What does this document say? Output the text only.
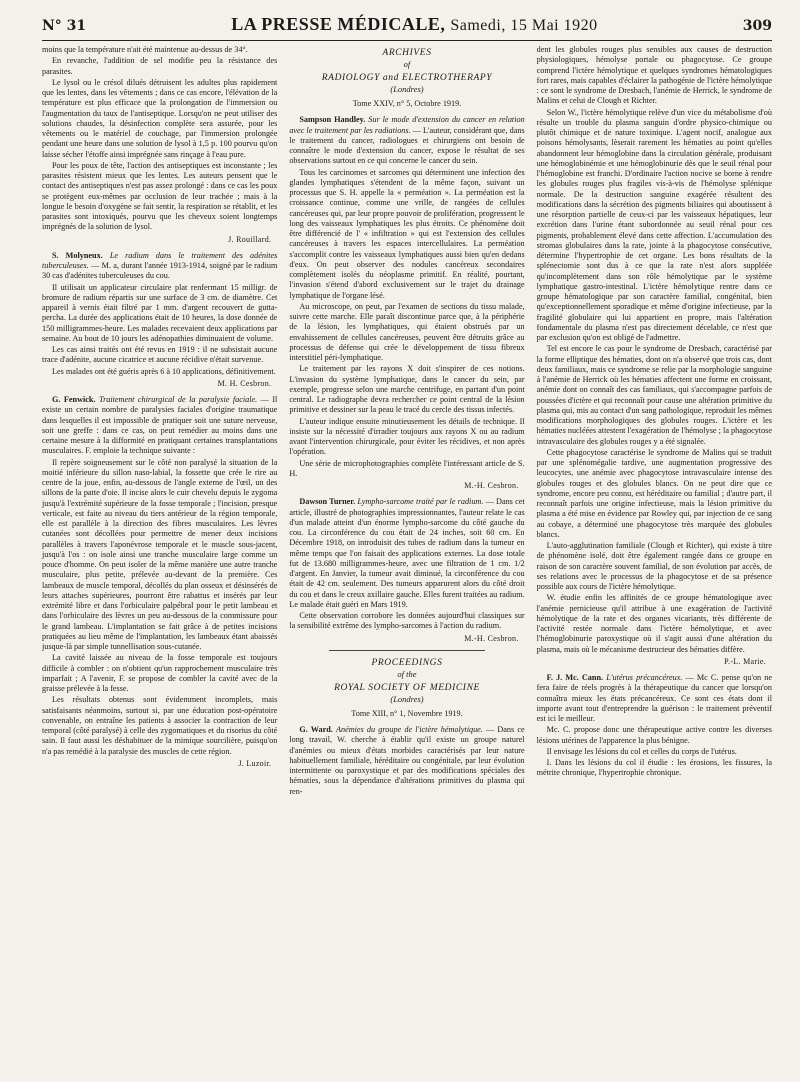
N° 31	LA PRESSE MÉDICALE, Samedi, 15 Mai 1920	309

moins que la température n'ait été maintenue au-dessus de 34°.

En revanche, l'addition de sel modifie peu la résistance des parasites.

Le lysol ou le crésol dilués détruisent les adultes plus rapidement que les lentes, dans les vêtements ; dans ce cas encore, l'élévation de la température est plus efficace que la prolongation de l'immersion ou l'augmentation du taux de l'antiseptique. Lorsqu'on ne peut utiliser des solutions chaudes, la désinfection complète sera assurée, pour les vêtements ou le matériel de couchage, par l'immersion prolongée pendant une heure dans une solution de lysol à 1,5 p. 100 pourvu qu'on laisse sécher l'étoffe ainsi imprégnée sans rinçage à l'eau pure.

Pour les poux de tête, l'action des antiseptiques est inconstante ; les parasites résistent mieux que les lentes. Les auteurs pensent que le contact des antiseptiques n'est pas assez prolongé : dans ce cas les poux se protègent eux-mêmes par occlusion de leur trachée ; mais à la longue le besoin d'oxygène se fait sentir, la respiration se rétablit, et les parasites sont intoxiqués, pourvu que les cheveux soient longtemps imprégnés de la solution de lysol.

J. Rouillard.

S. Molyneux. Le radium dans le traitement des adénites tuberculeuses. — M. a, durant l'année 1913-1914, soigné par le radium 30 cas d'adénites tuberculeuses du cou.

Il utilisait un applicateur circulaire plat renfermant 15 milligr. de bromure de radium répartis sur une surface de 3 cm. de diamètre. Cet appareil à vernis était filtré par 1 mm. d'argent recouvert de gutta-percha. La durée des applications était de 10 heures, la dose donnée de 150 milligrammes-heure. Les malades recevaient deux applications par semaine. Au bout de 10 jours les adénopathies diminuaient de volume.

Les cas ainsi traités ont été revus en 1919 : il ne subsistait aucune trace d'adénite, aucune cicatrice et aucune récidive n'était survenue.

Les malades ont été guéris après 6 à 10 applications, définitivement.

M. H. Cesbron.

G. Fenwick. Traitement chirurgical de la paralysie faciale. — Il existe un certain nombre de paralysies faciales d'origine traumatique dans lesquelles il est impossible de pratiquer soit une suture nerveuse, soit une greffe : dans ce cas, on peut remédier au moins dans une certaine mesure à la difformité en pratiquant certaines transplantations musculaires. F. emploie la technique suivante :

Il repère soigneusement sur le côté non paralysé la situation de la moitié inférieure du sillon naso-labial, la fossette que crée le rire au centre de la joue, enfin, au-dessous de l'angle externe de l'œil, un des sillons de la patte d'oie. Il incise alors le cuir chevelu depuis le zygoma jusqu'à l'extrémité supérieure de la fosse temporale ; l'incision, presque verticale, est faite au niveau du tiers antérieur de la région temporale, elle est parallèle à la direction des fibres musculaires. Les lèvres cutanées sont décollées pour permettre de mener deux incisions parallèles à travers l'aponévrose temporale et le muscle sous-jacent, jusqu'à l'os : on isole ainsi une tranche musculaire large comme un pouce d'homme. On peut isoler de la même manière une autre tranche musculaire, plus petite, prélevée au-devant de la première. Ces lambeaux de muscle temporal, décollés du plan osseux et désinsérés de leurs attaches supérieures, pourront être rabattus et insérés par leur extrémité libre et dans l'orbiculaire palpébral pour le petit lambeau et dans l'orbiculaire des lèvres un peu au-dessous de la commissure pour le grand lambeau. L'implantation se fait grâce à de petites incisions pratiquées au lieu même de l'implantation, les lambeaux étant abaissés jusque-là par simple tunnellisation sous-cutanée.

La cavité laissée au niveau de la fosse temporale est toujours difficile à combler : on n'obtient qu'un rapprochement musculaire très imparfait ; A l'avenir, F. se propose de combler la cavité avec de la graisse prélevée à la fesse.

Les résultats obtenus sont évidemment incomplets, mais satisfaisants néanmoins, surtout si, par une éducation post-opératoire convenable, on entraîne les patients à associer la contraction de leur temporal (côté paralysé) à celle des zygomatiques et du risorius du côté sain. Il faut aussi les déshabituer de la mimique sourcilière, puisqu'on n'a pas remédié à la paralysie des muscles de cette région.

J. Luzoir.
ARCHIVES
of
RADIOLOGY and ELECTROTHERAPY
(Londres)
Tome XXIV, n° 5, Octobre 1919.

Sampson Handley. Sur le mode d'extension du cancer en relation avec le traitement par les radiations. — L'auteur, considérant que, dans le traitement du cancer, radiologues et chirurgiens ont besoin de connaître le mode d'extension du cancer, expose le résultat de ses observations surtout en ce qui concerne le cancer du sein.

Tous les carcinomes et sarcomes qui déterminent une infection des glandes lymphatiques s'étendent de la même façon, suivant un processus que S. H. appelle la « perméation ». La perméation est la croissance continue, comme une vrille, de rangées de cellules cancéreuses qui, par leur propre pouvoir de prolifération, progressent le long des vaisseaux lymphatiques les plus étroits. Ce phénomène doit être différencié de l' « infiltration » qui est l'extension des cellules cancéreuses à travers les espaces intercellulaires. La perméation s'accomplit contre les vaisseaux lymphatiques aussi bien qu'en dedans d'eux. On peut observer des nodules cancéreux secondaires complètement isolés du néoplasme primitif. En réalité, pourtant, l'invasion s'étend d'abord exclusivement sur le trajet du drainage lymphatique de l'organe lésé.

Au microscope, on peut, par l'examen de sections du tissu malade, suivre cette marche. Elle paraît discontinue parce que, à la périphérie de la lésion, les lymphatiques, qui étaient obstrués par un envahissement de cellules cancéreuses, peuvent être détruits grâce au processus de défense qui crée le développement de tissu fibreux interstitiel péri-lymphatique.

Le traitement par les rayons X doit s'inspirer de ces notions. L'invasion du système lymphatique, dans le cancer du sein, par exemple, progresse selon une marche centrifuge, en partant d'un point central. Le radiographe devra rechercher ce point central de la lésion primitive et dessiner sur la peau le tracé du cercle des tissus infectés.

L'auteur indique ensuite minutieusement les détails de technique. Il insiste sur la nécessité d'irradier toujours aux rayons X ou au radium avant l'intervention chirurgicale, pour éviter les récidives, et non après l'opération.

Une série de microphotographies complète l'intéressant article de S. H.

M.-H. Cesbron.

Dawson Turner. Lympho-sarcome traité par le radium. — Dans cet article, illustré de photographies impressionnantes, l'auteur relate le cas d'un malade atteint d'un énorme lympho-sarcome du côté gauche du cou. La circonférence du cou était de 24 inches, soit 60 cm. En Décembre 1918, on introduisit des tubes de radium dans la tumeur en même temps que l'on faisait des applications externes. La dose totale fut de 13.680 milligrammes-heure, avec une filtration de 1 cm. 1/2 d'argent. En Janvier, la tumeur avait diminué, la circonférence du cou était de 42 cm. seulement. Des tumeurs apparurent alors du côté droit du cou et dans le creux axillaire gauche. Elles furent traitées au radium. Le malade était guéri en Mars 1919.

Cette observation corrobore les données aujourd'hui classiques sur la sensibilité extrême des lympho-sarcomes à l'action du radium.

M.-H. Cesbron.
PROCEEDINGS
of the
ROYAL SOCIETY OF MEDICINE
(Londres)
Tome XIII, n° 1, Novembre 1919.

G. Ward. Anémies du groupe de l'ictère hémolytique. — Dans ce long travail, W. cherche à établir qu'il existe un groupe naturel d'anémies ou mieux d'états morbides caractérisés par leur nature habituellement familiale, héréditaire ou congénitale, par leur évolution intermittente ou paroxystique et par des modifications spéciales des hématies, sous la dépendance d'altérations primitives du plasma qui ren-

dent les globules rouges plus sensibles aux causes de destruction physiologiques, hémolyse portale ou phagocytose. Ce groupe comprend l'ictère hémolytique et quelques syndromes hématologiques fort rares, mais capables d'éclairer la pathogénie de l'ictère hémolytique : ce sont le syndrome de Dresbach, l'anémie de Herrick, le syndrome de Malins et celui de Clough et Richter.

Selon W., l'ictère hémolytique relève d'un vice du métabolisme d'où résulte un trouble du plasma sanguin d'ordre physico-chimique ou plutôt chimique et de nature toxinique. L'agent nocif, analogue aux poisons hémolysants, lèserait rarement les hématies au point qu'elles abandonnent leur hémoglobine dans la circulation générale, produisant une hémoglobinémie et une hémoglobinurie dès que le seuil rénal pour l'hémoglobine est franchi. D'ordinaire l'action nocive se borne à rendre les globules rouges plus fragiles vis-à-vis de l'hémolyse splénique normale. De la destruction sanguine exagérée résultent des modifications dans la sécrétion des pigments biliaires qui aboutissent à une résorption partielle de ceux-ci par les vaisseaux hépatiques, leur excrétion dans l'urine étant subordonnée au seuil rénal pour ces pigments, probablement élevé dans cette affection. L'accumulation des stromas globulaires dans la rate, jointe à la phagocytose consécutive, détermine l'hypertrophie de cet organe. Les bons résultats de la splénectomie sont dus à ce que la rate n'est alors suppléée qu'incomplètement dans son rôle hémolytique par le système lymphatique gastro-intestinal. L'ictère hémolytique rentre dans ce groupe hématologique par son caractère familial, congénital, bien qu'exceptionnellement sporadique et même d'origine infectieuse, par la fragilité globulaire qui lui appartient en propre, mais l'altération fondamentale du plasma n'est pas directement décelable, ce n'est que par exclusion qu'on est obligé de l'admettre.

Tel est encore le cas pour le syndrome de Dresbach, caractérisé par la forme elliptique des hématies, dont on n'a observé que trois cas, dont deux familiaux, mais ce syndrome se relie par la morphologie sanguine à l'anémie de Herrick où les hématies affectent une forme en croissant, anémie dont on connaît des cas familiaux, qui s'accompagne parfois de poussées d'ictère et qui reconnaît pour cause une altération primitive du plasma qui, mis au contact d'un sang pathologique, reproduit les mêmes modifications morphologiques des globules rouges. L'ictère et les hématies nucléées attestent l'exagération de l'hémolyse ; la phagocytose intravasculaire des globules rouges y a été signalée.

Cette phagocytose caractérise le syndrome de Malins qui se traduit par une splénomégalie tardive, une augmentation progressive des leucocytes, une anémie avec phagocytose intravasculaire intense des globules rouges et des globules blancs. On ne peut dire que ce syndrome, encore peu connu, est héréditaire ou familial ; d'autre part, il reconnaît parfois une origine infectieuse, mais la lésion primitive du plasma a été mise en évidence par Rowley qui, par injection de ce sang au cobaye, a déterminé une phagocytose très marquée des globules blancs.

L'auto-agglutination familiale (Clough et Richter), qui existe à titre de phénomène isolé, doit être également rangée dans ce groupe en raison de son caractère souvent familial, de son évolution par accès, de ses relations avec le processus de la phagocytose et de sa présence possible aux cours de l'ictère hémolytique.

W. étudie enfin les affinités de ce groupe hématologique avec l'anémie pernicieuse qu'il attribue à une exagération de l'activité hémolytique de la rate et des organes vicariants, très différente de l'activité restée normale dans l'ictère hémolytique, et avec l'hémoglobinurie paroxystique où il s'agit aussi d'une altération du plasma, mais où le mécanisme destructeur des hématies diffère.

P.-L. Marie.

F. J. Mc. Cann. L'utérus précancéreux. — Mc C. pense qu'on ne fera faire de réels progrès à la thérapeutique du cancer que lorsqu'on connaîtra mieux les états précancéreux. Ce sont ces états dont il importe avant tout d'entreprendre la guérison : le traitement préventif est ici le meilleur.

Mc. C. propose donc une thérapeutique active contre les diverses lésions utérines de l'apparence la plus bénigne.

Il envisage les lésions du col et celles du corps de l'utérus.

I. Dans les lésions du col il étudie : les érosions, les fissures, la métrite chronique, l'hypertrophie chronique.
